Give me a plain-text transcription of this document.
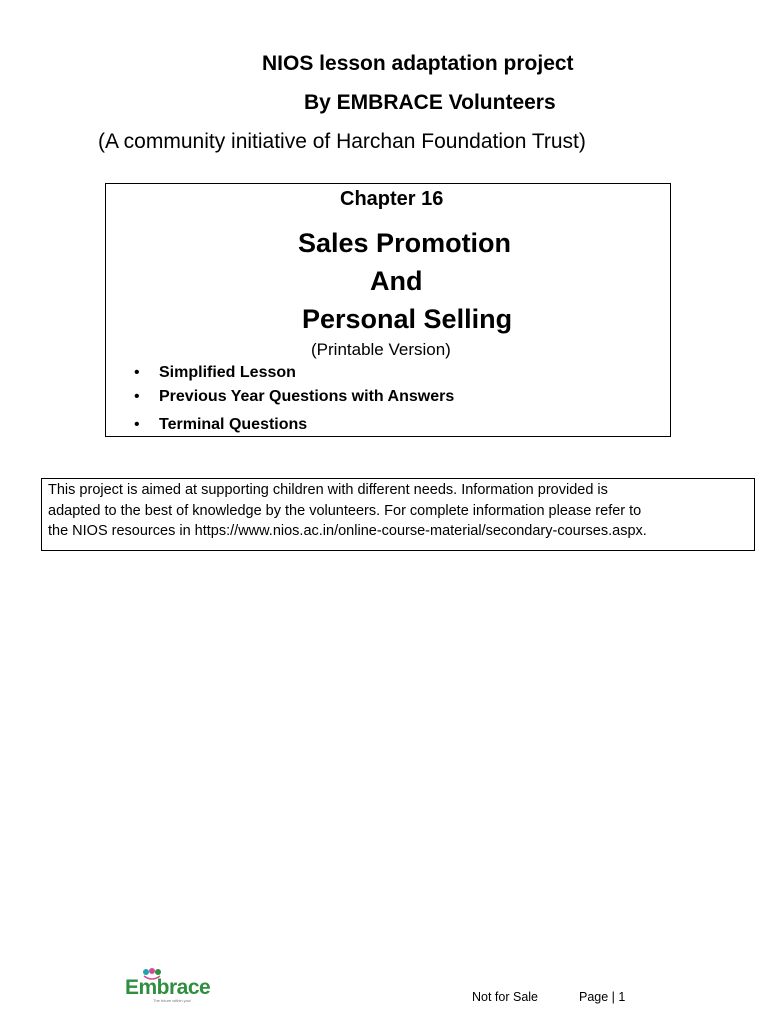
NIOS lesson adaptation project
By EMBRACE Volunteers
(A community initiative of Harchan Foundation Trust)
Chapter 16
Sales Promotion
And
Personal Selling
(Printable Version)
• Simplified Lesson
• Previous Year Questions with Answers
• Terminal Questions
This project is aimed at supporting children with different needs. Information provided is
adapted to the best of knowledge by the volunteers. For complete information please refer to
the NIOS resources in https://www.nios.ac.in/online-course-material/secondary-courses.aspx.
Embrace
The future within you!	Not for Sale	Page | 1
